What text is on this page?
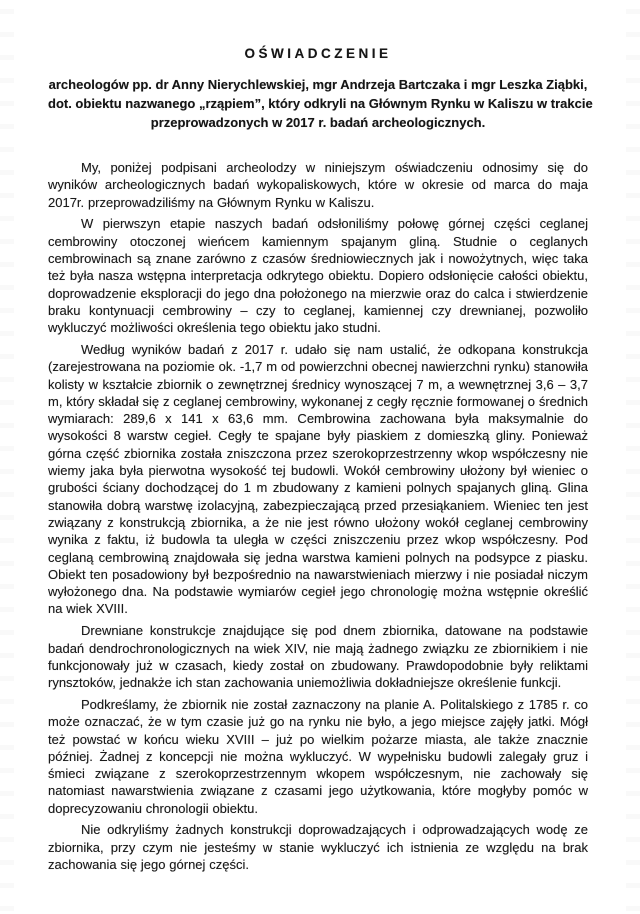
OŚWIADCZENIE
archeologów pp. dr Anny Nierychlewskiej, mgr Andrzeja Bartczaka i mgr Leszka Ziąbki,
dot. obiektu nazwanego „rząpiem”, który odkryli na Głównym Rynku w Kaliszu w trakcie
przeprowadzonych w 2017 r. badań archeologicznych.

My, poniżej podpisani archeolodzy w niniejszym oświadczeniu odnosimy się do wyników archeologicznych badań wykopaliskowych, które w okresie od marca do maja 2017r. przeprowadziliśmy na Głównym Rynku w Kaliszu.

W pierwszyn etapie naszych badań odsłoniliśmy połowę górnej części ceglanej cembrowiny otoczonej wieńcem kamiennym spajanym gliną. Studnie o ceglanych cembrowinach są znane zarówno z czasów średniowiecznych jak i nowożytnych, więc taka też była nasza wstępna interpretacja odkrytego obiektu. Dopiero odsłonięcie całości obiektu, doprowadzenie eksploracji do jego dna położonego na mierzwie oraz do calca i stwierdzenie braku kontynuacji cembrowiny – czy to ceglanej, kamiennej czy drewnianej, pozwoliło wykluczyć możliwości określenia tego obiektu jako studni.

Według wyników badań z 2017 r. udało się nam ustalić, że odkopana konstrukcja (zarejestrowana na poziomie ok. -1,7 m od powierzchni obecnej nawierzchni rynku) stanowiła kolisty w kształcie zbiornik o zewnętrznej średnicy wynoszącej 7 m, a wewnętrznej 3,6 – 3,7 m, który składał się z ceglanej cembrowiny, wykonanej z cegły ręcznie formowanej o średnich wymiarach: 289,6 x 141 x 63,6 mm. Cembrowina zachowana była maksymalnie do wysokości 8 warstw cegieł. Cegły te spajane były piaskiem z domieszką gliny. Ponieważ górna część zbiornika została zniszczona przez szerokoprzestrzenny wkop współczesny nie wiemy jaka była pierwotna wysokość tej budowli. Wokół cembrowiny ułożony był wieniec o grubości ściany dochodzącej do 1 m zbudowany z kamieni polnych spajanych gliną. Glina stanowiła dobrą warstwę izolacyjną, zabezpieczającą przed przesiąkaniem. Wieniec ten jest związany z konstrukcją zbiornika, a że nie jest równo ułożony wokół ceglanej cembrowiny wynika z faktu, iż budowla ta uległa w części zniszczeniu przez wkop współczesny. Pod ceglaną cembrowiną znajdowała się jedna warstwa kamieni polnych na podsypce z piasku. Obiekt ten posadowiony był bezpośrednio na nawarstwieniach mierzwy i nie posiadał niczym wyłożonego dna. Na podstawie wymiarów cegieł jego chronologię można wstępnie określić na wiek XVIII.

Drewniane konstrukcje znajdujące się pod dnem zbiornika, datowane na podstawie badań dendrochronologicznych na wiek XIV, nie mają żadnego związku ze zbiornikiem i nie funkcjonowały już w czasach, kiedy został on zbudowany. Prawdopodobnie były reliktami rynsztoków, jednakże ich stan zachowania uniemożliwia dokładniejsze określenie funkcji.

Podkreślamy, że zbiornik nie został zaznaczony na planie A. Politalskiego z 1785 r. co może oznaczać, że w tym czasie już go na rynku nie było, a jego miejsce zajęły jatki. Mógł też powstać w końcu wieku XVIII – już po wielkim pożarze miasta, ale także znacznie później. Żadnej z koncepcji nie można wykluczyć. W wypełnisku budowli zalegały gruz i śmieci związane z szerokoprzestrzennym wkopem współczesnym, nie zachowały się natomiast nawarstwienia związane z czasami jego użytkowania, które mogłyby pomóc w doprecyzowaniu chronologii obiektu.

Nie odkryliśmy żadnych konstrukcji doprowadzających i odprowadzających wodę ze zbiornika, przy czym nie jesteśmy w stanie wykluczyć ich istnienia ze względu na brak zachowania się jego górnej części.
